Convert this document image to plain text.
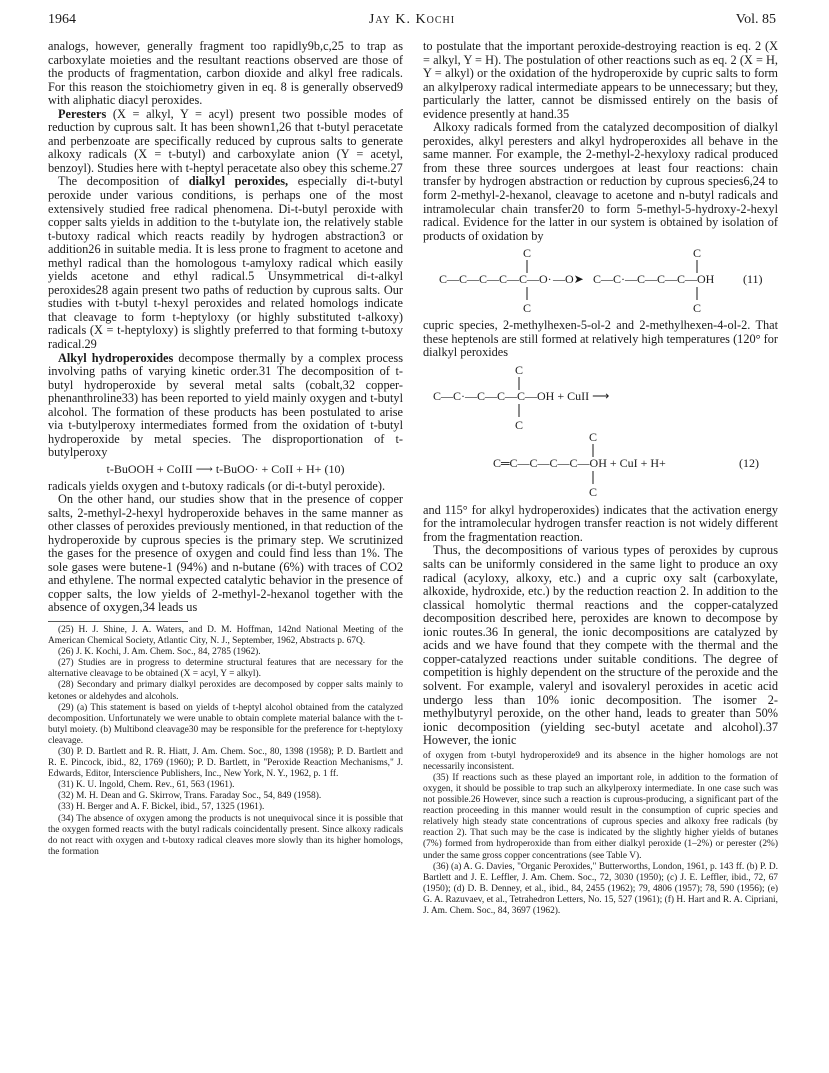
1964	Jay K. Kochi	Vol. 85

analogs, however, generally fragment too rapidly9b,c,25 to trap as carboxylate moieties and the resultant reactions observed are those of the products of fragmentation, carbon dioxide and alkyl free radicals. For this reason the stoichiometry given in eq. 8 is generally observed9 with aliphatic diacyl peroxides.

Peresters (X = alkyl, Y = acyl) present two possible modes of reduction by cuprous salt. It has been shown1,26 that t-butyl peracetate and perbenzoate are specifically reduced by cuprous salts to generate alkoxy radicals (X = t-butyl) and carboxylate anion (Y = acetyl, benzoyl). Studies here with t-heptyl peracetate also obey this scheme.27

The decomposition of dialkyl peroxides, especially di-t-butyl peroxide under various conditions, is perhaps one of the most extensively studied free radical phenomena. Di-t-butyl peroxide with copper salts yields in addition to the t-butylate ion, the relatively stable t-butoxy radical which reacts readily by hydrogen abstraction3 or addition26 in suitable media. It is less prone to fragment to acetone and methyl radical than the homologous t-amyloxy radical which easily yields acetone and ethyl radical.5 Unsymmetrical di-t-alkyl peroxides28 again present two paths of reduction by cuprous salts. Our studies with t-butyl t-hexyl peroxides and related homologs indicate that cleavage to form t-heptyloxy (or highly substituted t-alkoxy) radicals (X = t-heptyloxy) is slightly preferred to that forming t-butoxy radical.29

Alkyl hydroperoxides decompose thermally by a complex process involving paths of varying kinetic order.31 The decomposition of t-butyl hydroperoxide by several metal salts (cobalt,32 copper-phenanthroline33) has been reported to yield mainly oxygen and t-butyl alcohol. The formation of these products has been postulated to arise via t-butylperoxy intermediates formed from the oxidation of t-butyl hydroperoxide by metal species. The disproportionation of t-butylperoxy

t-BuOOH + CoIII ⟶ t-BuOO· + CoII + H+ (10)

radicals yields oxygen and t-butoxy radicals (or di-t-butyl peroxide).

On the other hand, our studies show that in the presence of copper salts, 2-methyl-2-hexyl hydroperoxide behaves in the same manner as other classes of peroxides previously mentioned, in that reduction of the hydroperoxide by cuprous species is the primary step. We scrutinized the gases for the presence of oxygen and could find less than 1%. The sole gases were butene-1 (94%) and n-butane (6%) with traces of CO2 and ethylene. The normal expected catalytic behavior in the presence of copper salts, the low yields of 2-methyl-2-hexanol together with the absence of oxygen,34 leads us

(25) H. J. Shine, J. A. Waters, and D. M. Hoffman, 142nd National Meeting of the American Chemical Society, Atlantic City, N. J., September, 1962, Abstracts p. 67Q.

(26) J. K. Kochi, J. Am. Chem. Soc., 84, 2785 (1962).

(27) Studies are in progress to determine structural features that are necessary for the alternative cleavage to be obtained (X = acyl, Y = alkyl).

(28) Secondary and primary dialkyl peroxides are decomposed by copper salts mainly to ketones or aldehydes and alcohols.

(29) (a) This statement is based on yields of t-heptyl alcohol obtained from the catalyzed decomposition. Unfortunately we were unable to obtain complete material balance with the t-butyl moiety. (b) Multibond cleavage30 may be responsible for the preference for t-heptyloxy cleavage.

(30) P. D. Bartlett and R. R. Hiatt, J. Am. Chem. Soc., 80, 1398 (1958); P. D. Bartlett and R. E. Pincock, ibid., 82, 1769 (1960); P. D. Bartlett, in "Peroxide Reaction Mechanisms," J. Edwards, Editor, Interscience Publishers, Inc., New York, N. Y., 1962, p. 1 ff.

(31) K. U. Ingold, Chem. Rev., 61, 563 (1961).

(32) M. H. Dean and G. Skirrow, Trans. Faraday Soc., 54, 849 (1958).

(33) H. Berger and A. F. Bickel, ibid., 57, 1325 (1961).

(34) The absence of oxygen among the products is not unequivocal since it is possible that the oxygen formed reacts with the butyl radicals coincidentally present. Since alkoxy radicals do not react with oxygen and t-butoxy radical cleaves more slowly than its higher homologs, the formation

to postulate that the important peroxide-destroying reaction is eq. 2 (X = alkyl, Y = H). The postulation of other reactions such as eq. 2 (X = H, Y = alkyl) or the oxidation of the hydroperoxide by cupric salts to form an alkylperoxy radical intermediate appears to be unnecessary; but they, particularly the latter, cannot be dismissed entirely on the basis of evidence presently at hand.35

Alkoxy radicals formed from the catalyzed decomposition of dialkyl peroxides, alkyl peresters and alkyl hydroperoxides all behave in the same manner. For example, the 2-methyl-2-hexyloxy radical produced from these three sources undergoes at least four reactions: chain transfer by hydrogen abstraction or reduction by cuprous species6,24 to form 2-methyl-2-hexanol, cleavage to acetone and n-butyl radicals and intramolecular chain transfer20 to form 5-methyl-5-hydroxy-2-hexyl radical. Evidence for the latter in our system is obtained by isolation of products of oxidation by

C
C—C—C—C—C—O·
C
—O➤
C
C—C·—C—C—C—OH
C
(11)

cupric species, 2-methylhexen-5-ol-2 and 2-methylhexen-4-ol-2. That these heptenols are still formed at relatively high temperatures (120° for dialkyl peroxides

C
C—C·—C—C—C—OH + CuII ⟶
C
C
C═C—C—C—C—OH + CuI + H+
C
(12)

and 115° for alkyl hydroperoxides) indicates that the activation energy for the intramolecular hydrogen transfer reaction is not widely different from the fragmentation reaction.

Thus, the decompositions of various types of peroxides by cuprous salts can be uniformly considered in the same light to produce an oxy radical (acyloxy, alkoxy, etc.) and a cupric oxy salt (carboxylate, alkoxide, hydroxide, etc.) by the reduction reaction 2. In addition to the classical homolytic thermal reactions and the copper-catalyzed decomposition described here, peroxides are known to decompose by ionic routes.36 In general, the ionic decompositions are catalyzed by acids and we have found that they compete with the thermal and the copper-catalyzed reactions under suitable conditions. The degree of competition is highly dependent on the structure of the peroxide and the solvent. For example, valeryl and isovaleryl peroxides in acetic acid undergo less than 10% ionic decomposition. The isomer 2-methylbutyryl peroxide, on the other hand, leads to greater than 50% ionic decomposition (yielding sec-butyl acetate and alcohol).37 However, the ionic

of oxygen from t-butyl hydroperoxide9 and its absence in the higher homologs are not necessarily inconsistent.

(35) If reactions such as these played an important role, in addition to the formation of oxygen, it should be possible to trap such an alkylperoxy intermediate. In one case such was not possible.26 However, since such a reaction is cuprous-producing, a significant part of the reaction proceeding in this manner would result in the consumption of cupric species and relatively high steady state concentrations of cuprous species and alkoxy free radicals (by reaction 2). That such may be the case is indicated by the slightly higher yields of butanes (7%) formed from hydroperoxide than from either dialkyl peroxide (1–2%) or perester (2%) under the same gross copper concentrations (see Table V).

(36) (a) A. G. Davies, "Organic Peroxides," Butterworths, London, 1961, p. 143 ff. (b) P. D. Bartlett and J. E. Leffler, J. Am. Chem. Soc., 72, 3030 (1950); (c) J. E. Leffler, ibid., 72, 67 (1950); (d) D. B. Denney, et al., ibid., 84, 2455 (1962); 79, 4806 (1957); 78, 590 (1956); (e) G. A. Razuvaev, et al., Tetrahedron Letters, No. 15, 527 (1961); (f) H. Hart and R. A. Cipriani, J. Am. Chem. Soc., 84, 3697 (1962).
